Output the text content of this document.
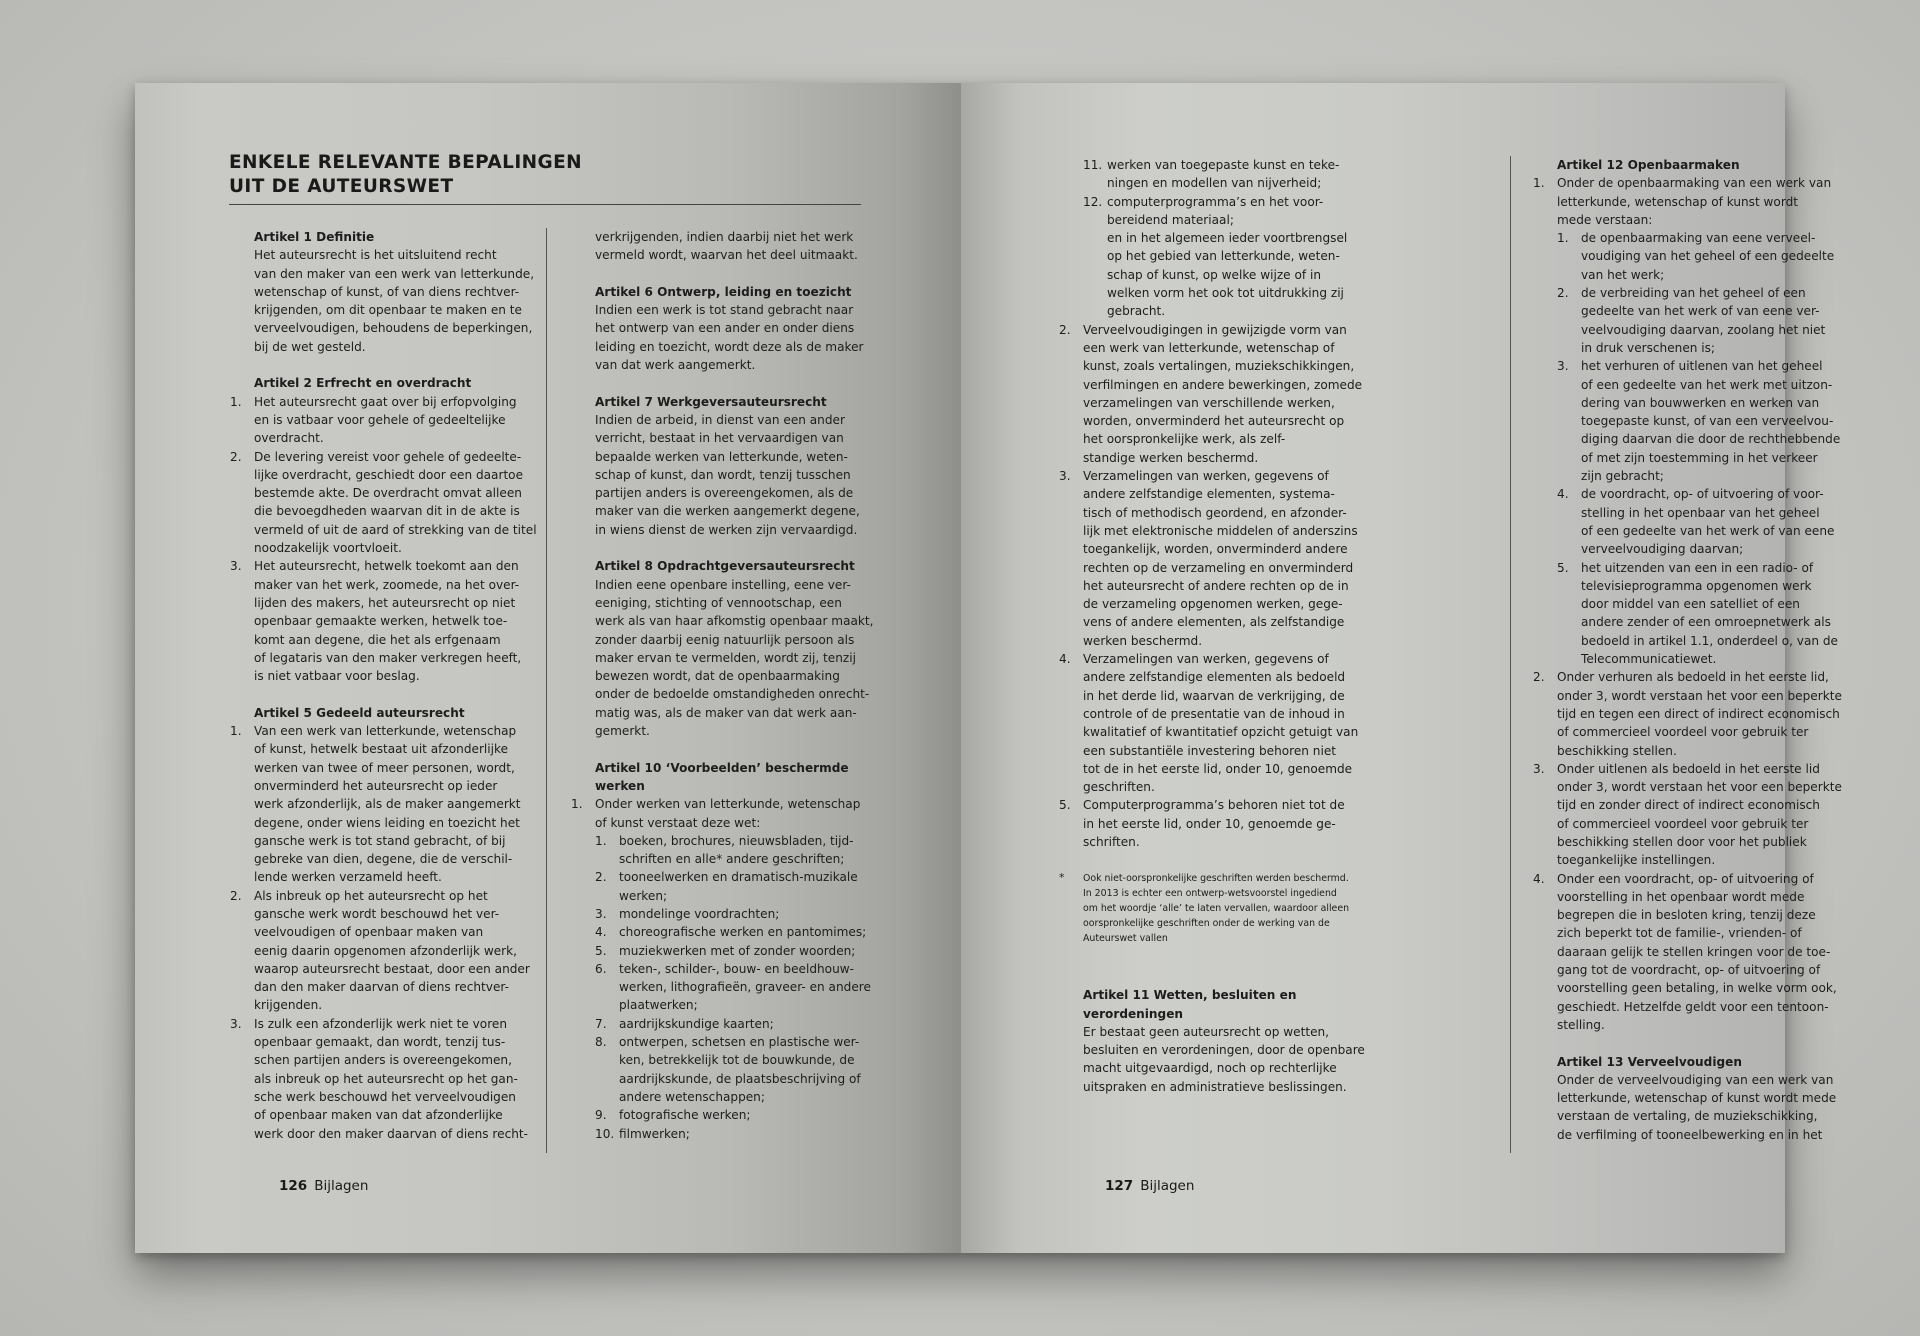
ENKELE RELEVANTE BEPALINGEN
UIT DE AUTEURSWET
Artikel 1 Definitie
Het auteursrecht is het uitsluitend recht
van den maker van een werk van letterkunde,
wetenschap of kunst, of van diens rechtver-
krijgenden, om dit openbaar te maken en te
verveelvoudigen, behoudens de beperkingen,
bij de wet gesteld.
Artikel 2 Erfrecht en overdracht
1. Het auteursrecht gaat over bij erfopvolging
en is vatbaar voor gehele of gedeeltelijke
overdracht.
2. De levering vereist voor gehele of gedeelte-
lijke overdracht, geschiedt door een daartoe
bestemde akte. De overdracht omvat alleen
die bevoegdheden waarvan dit in de akte is
vermeld of uit de aard of strekking van de titel
noodzakelijk voortvloeit.
3. Het auteursrecht, hetwelk toekomt aan den
maker van het werk, zoomede, na het over-
lijden des makers, het auteursrecht op niet
openbaar gemaakte werken, hetwelk toe-
komt aan degene, die het als erfgenaam
of legataris van den maker verkregen heeft,
is niet vatbaar voor beslag.
Artikel 5 Gedeeld auteursrecht
1. Van een werk van letterkunde, wetenschap
of kunst, hetwelk bestaat uit afzonderlijke
werken van twee of meer personen, wordt,
onverminderd het auteursrecht op ieder
werk afzonderlijk, als de maker aangemerkt
degene, onder wiens leiding en toezicht het
gansche werk is tot stand gebracht, of bij
gebreke van dien, degene, die de verschil-
lende werken verzameld heeft.
2. Als inbreuk op het auteursrecht op het
gansche werk wordt beschouwd het ver-
veelvoudigen of openbaar maken van
eenig daarin opgenomen afzonderlijk werk,
waarop auteursrecht bestaat, door een ander
dan den maker daarvan of diens rechtver-
krijgenden.
3. Is zulk een afzonderlijk werk niet te voren
openbaar gemaakt, dan wordt, tenzij tus-
schen partijen anders is overeengekomen,
als inbreuk op het auteursrecht op het gan-
sche werk beschouwd het verveelvoudigen
of openbaar maken van dat afzonderlijke
werk door den maker daarvan of diens recht-
verkrijgenden, indien daarbij niet het werk
vermeld wordt, waarvan het deel uitmaakt.
Artikel 6 Ontwerp, leiding en toezicht
Indien een werk is tot stand gebracht naar
het ontwerp van een ander en onder diens
leiding en toezicht, wordt deze als de maker
van dat werk aangemerkt.
Artikel 7 Werkgeversauteursrecht
Indien de arbeid, in dienst van een ander
verricht, bestaat in het vervaardigen van
bepaalde werken van letterkunde, weten-
schap of kunst, dan wordt, tenzij tusschen
partijen anders is overeengekomen, als de
maker van die werken aangemerkt degene,
in wiens dienst de werken zijn vervaardigd.
Artikel 8 Opdrachtgeversauteursrecht
Indien eene openbare instelling, eene ver-
eeniging, stichting of vennootschap, een
werk als van haar afkomstig openbaar maakt,
zonder daarbij eenig natuurlijk persoon als
maker ervan te vermelden, wordt zij, tenzij
bewezen wordt, dat de openbaarmaking
onder de bedoelde omstandigheden onrecht-
matig was, als de maker van dat werk aan-
gemerkt.
Artikel 10 ‘Voorbeelden’ beschermde werken
1. Onder werken van letterkunde, wetenschap
of kunst verstaat deze wet:
1. boeken, brochures, nieuwsbladen, tijd-
schriften en alle* andere geschriften;
2. tooneelwerken en dramatisch-muzikale
werken;
3. mondelinge voordrachten;
4. choreografische werken en pantomimes;
5. muziekwerken met of zonder woorden;
6. teken-, schilder-, bouw- en beeldhouw-
werken, lithografieën, graveer- en andere
plaatwerken;
7. aardrijkskundige kaarten;
8. ontwerpen, schetsen en plastische wer-
ken, betrekkelijk tot de bouwkunde, de
aardrijkskunde, de plaatsbeschrijving of
andere wetenschappen;
9. fotografische werken;
10. filmwerken;
126 Bijlagen
11. werken van toegepaste kunst en teke-
ningen en modellen van nijverheid;
12. computerprogramma’s en het voor-
bereidend materiaal;
en in het algemeen ieder voortbrengsel
op het gebied van letterkunde, weten-
schap of kunst, op welke wijze of in
welken vorm het ook tot uitdrukking zij
gebracht.
2. Verveelvoudigingen in gewijzigde vorm van
een werk van letterkunde, wetenschap of
kunst, zoals vertalingen, muziekschikkingen,
verfilmingen en andere bewerkingen, zomede
verzamelingen van verschillende werken,
worden, onverminderd het auteursrecht op
het oorspronkelijke werk, als zelf-
standige werken beschermd.
3. Verzamelingen van werken, gegevens of
andere zelfstandige elementen, systema-
tisch of methodisch geordend, en afzonder-
lijk met elektronische middelen of anderszins
toegankelijk, worden, onverminderd andere
rechten op de verzameling en onverminderd
het auteursrecht of andere rechten op de in
de verzameling opgenomen werken, gege-
vens of andere elementen, als zelfstandige
werken beschermd.
4. Verzamelingen van werken, gegevens of
andere zelfstandige elementen als bedoeld
in het derde lid, waarvan de verkrijging, de
controle of de presentatie van de inhoud in
kwalitatief of kwantitatief opzicht getuigt van
een substantiële investering behoren niet
tot de in het eerste lid, onder 10, genoemde
geschriften.
5. Computerprogramma’s behoren niet tot de
in het eerste lid, onder 10, genoemde ge-
schriften.
* Ook niet-oorspronkelijke geschriften werden beschermd.
In 2013 is echter een ontwerp-wetsvoorstel ingediend
om het woordje ‘alle’ te laten vervallen, waardoor alleen
oorspronkelijke geschriften onder de werking van de
Auteurswet vallen
Artikel 11 Wetten, besluiten en
verordeningen
Er bestaat geen auteursrecht op wetten,
besluiten en verordeningen, door de openbare
macht uitgevaardigd, noch op rechterlijke
uitspraken en administratieve beslissingen.
Artikel 12 Openbaarmaken
1. Onder de openbaarmaking van een werk van
letterkunde, wetenschap of kunst wordt
mede verstaan:
1. de openbaarmaking van eene verveel-
voudiging van het geheel of een gedeelte
van het werk;
2. de verbreiding van het geheel of een
gedeelte van het werk of van eene ver-
veelvoudiging daarvan, zoolang het niet
in druk verschenen is;
3. het verhuren of uitlenen van het geheel
of een gedeelte van het werk met uitzon-
dering van bouwwerken en werken van
toegepaste kunst, of van een verveelvou-
diging daarvan die door de rechthebbende
of met zijn toestemming in het verkeer
zijn gebracht;
4. de voordracht, op- of uitvoering of voor-
stelling in het openbaar van het geheel
of een gedeelte van het werk of van eene
verveelvoudiging daarvan;
5. het uitzenden van een in een radio- of
televisieprogramma opgenomen werk
door middel van een satelliet of een
andere zender of een omroepnetwerk als
bedoeld in artikel 1.1, onderdeel o, van de
Telecommunicatiewet.
2. Onder verhuren als bedoeld in het eerste lid,
onder 3, wordt verstaan het voor een beperkte
tijd en tegen een direct of indirect economisch
of commercieel voordeel voor gebruik ter
beschikking stellen.
3. Onder uitlenen als bedoeld in het eerste lid
onder 3, wordt verstaan het voor een beperkte
tijd en zonder direct of indirect economisch
of commercieel voordeel voor gebruik ter
beschikking stellen door voor het publiek
toegankelijke instellingen.
4. Onder een voordracht, op- of uitvoering of
voorstelling in het openbaar wordt mede
begrepen die in besloten kring, tenzij deze
zich beperkt tot de familie-, vrienden- of
daaraan gelijk te stellen kringen voor de toe-
gang tot de voordracht, op- of uitvoering of
voorstelling geen betaling, in welke vorm ook,
geschiedt. Hetzelfde geldt voor een tentoon-
stelling.
Artikel 13 Verveelvoudigen
Onder de verveelvoudiging van een werk van
letterkunde, wetenschap of kunst wordt mede
verstaan de vertaling, de muziekschikking,
de verfilming of tooneelbewerking en in het
127 Bijlagen
